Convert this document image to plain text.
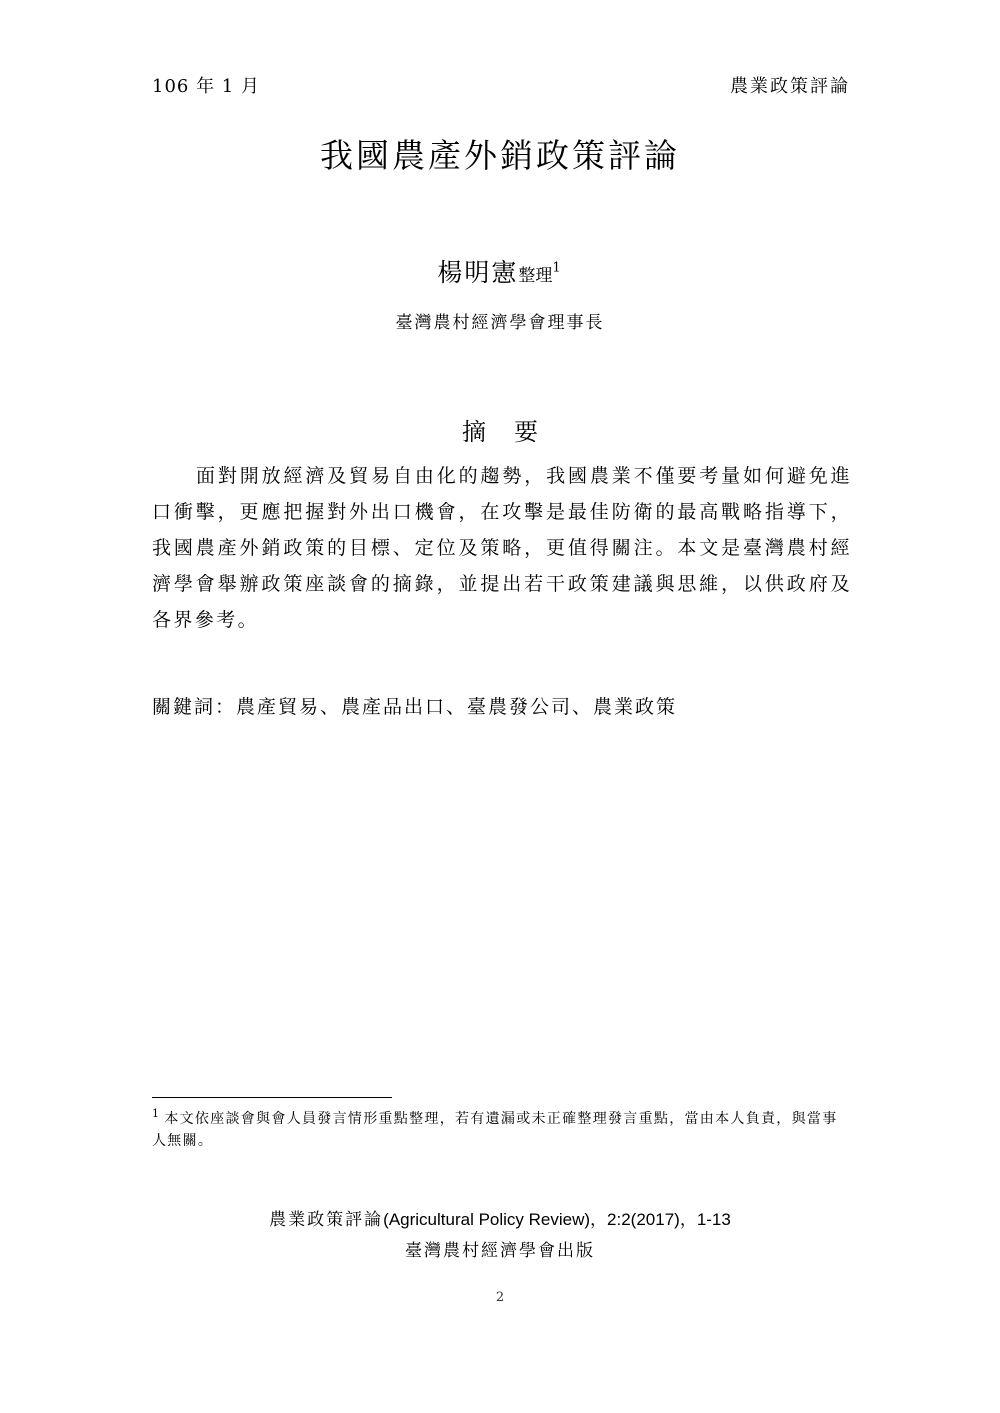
106 年 1 月	農業政策評論
我國農產外銷政策評論
楊明憲整理$^1$
臺灣農村經濟學會理事長
摘 要

面對開放經濟及貿易自由化的趨勢，我國農業不僅要考量如何避免進口衝擊，更應把握對外出口機會，在攻擊是最佳防衛的最高戰略指導下，我國農產外銷政策的目標、定位及策略，更值得關注。本文是臺灣農村經濟學會舉辦政策座談會的摘錄，並提出若干政策建議與思維，以供政府及各界參考。

關鍵詞：農產貿易、農產品出口、臺農發公司、農業政策

$^1$ 本文依座談會與會人員發言情形重點整理，若有遺漏或未正確整理發言重點，當由本人負責，與當事人無關。

農業政策評論(Agricultural Policy Review)，2:2(2017)，1-13
臺灣農村經濟學會出版
2
